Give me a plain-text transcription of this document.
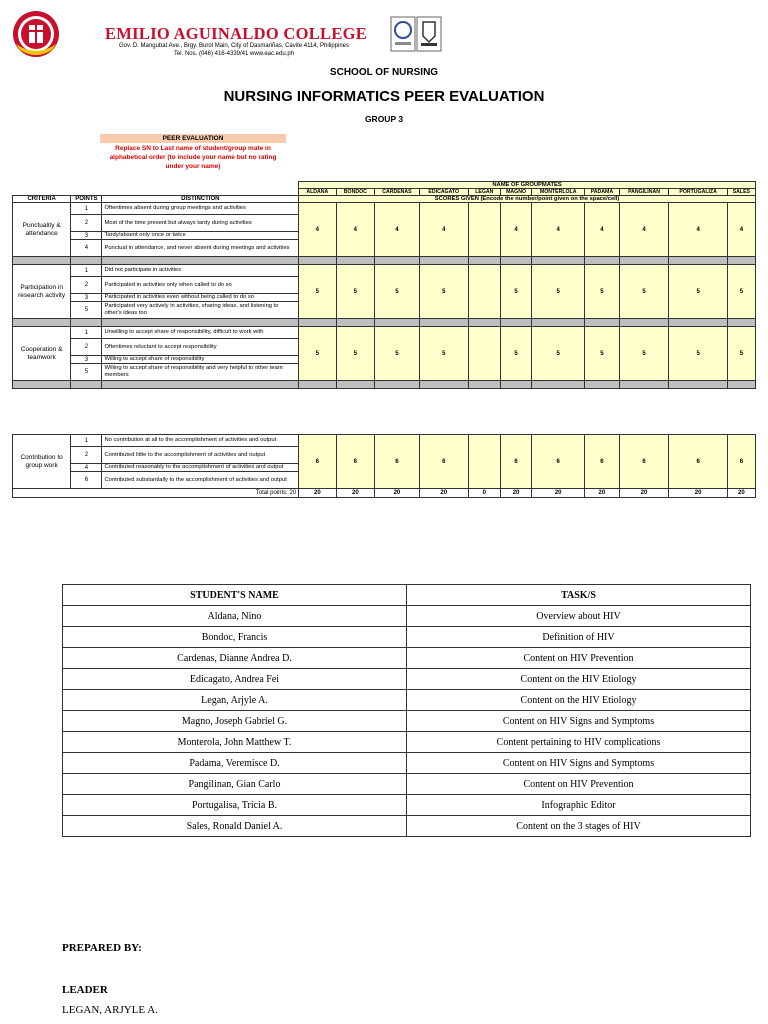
EMILIO AGUINALDO COLLEGE
Gov. D. Mangubat Ave., Brgy. Burol Main, City of Dasmariñas, Cavite 4114, Philippines
Tel. Nos. (046) 416-4339/41 www.eac.edu.ph
SCHOOL OF NURSING
NURSING INFORMATICS PEER EVALUATION
GROUP 3
PEER EVALUATION
Replace SN to Last name of student/group mate in alphabetical order (to include your name but no rating under your name)
			NAME OF GROUPMATES										
			ALDANA	BONDOC	CARDENAS	EDICAGATO	LEGAN	MAGNO	MONTERLOLA	PADAMA	PANGILINAN	PORTUGALIZA	SALES
CRITERIA	POINTS	DISTINCTION	SCORES GIVEN (Encode the number/point given on the space/cell)										
Punctuality & attendance	1	Oftentimes absent during group meetings and activities	4	4	4	4		4	4	4	4	4	4
	2	Most of the time present but always tardy during activities											
	3	Tardy/absent only once or twice											
	4	Punctual in attendance, and never absent during meetings and activities											

Participation in research activity	1	Did not participate in activities	5	5	5	5		5	5	5	5	5	5
	2	Participated in activities only when called to do so											
	3	Participated in activities even without being called to do so											
	5	Participated very actively in activities, sharing ideas, and listening to other's ideas too											

Cooperation & teamwork	1	Unwilling to accept share of responsibility, difficult to work with	5	5	5	5		5	5	5	5	5	5
	2	Oftentimes reluctant to accept responsibility											
	3	Willing to accept share of responsibility											
	5	Willing to accept share of responsibility and very helpful to other team members											

Contribution to group work	1	No contribution at all to the accomplishment of activities and output	6	6	6	6		6	6	6	6	6	6
	2	Contributed little to the accomplishment of activities and output											
	4	Contributed reasonably to the accomplishment of activities and output											
	6	Contributed substantially to the accomplishment of activities and output											
Total points: 20			20	20	20	20	0	20	20	20	20	20	20
STUDENT'S NAME	TASK/S
Aldana, Nino	Overview about HIV
Bondoc, Francis	Definition of HIV
Cardenas, Dianne Andrea D.	Content on HIV Prevention
Edicagato, Andrea Fei	Content on the HIV Etiology
Legan, Arjyle A.	Content on the HIV Etiology
Magno, Joseph Gabriel G.	Content on HIV Signs and Symptoms
Monterola, John Matthew T.	Content pertaining to HIV complications
Padama, Veremisce D.	Content on HIV Signs and Symptoms
Pangilinan, Gian Carlo	Content on HIV Prevention
Portugalisa, Tricia B.	Infographic Editor
Sales, Ronald Daniel A.	Content on the 3 stages of HIV
PREPARED BY:
LEADER
LEGAN, ARJYLE A.
